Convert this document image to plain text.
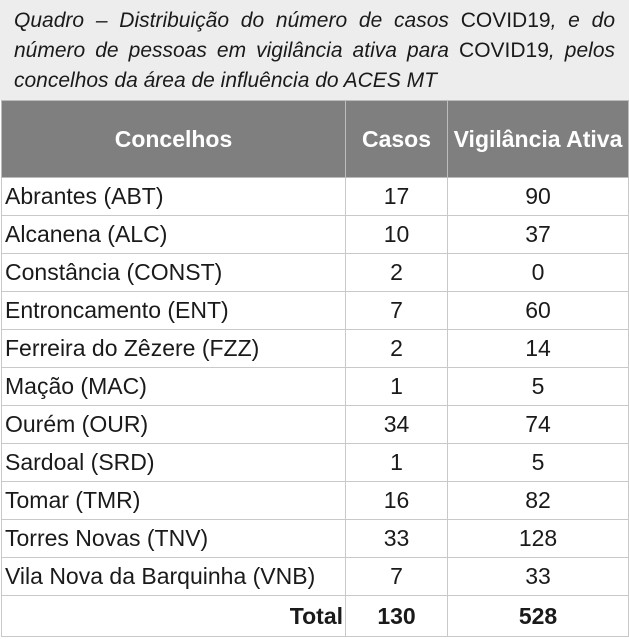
Quadro – Distribuição do número de casos COVID19, e do número de pessoas em vigilância ativa para COVID19, pelos concelhos da área de influência do ACES MT
Concelhos	Casos	Vigilância Ativa
Abrantes (ABT)	17	90
Alcanena (ALC)	10	37
Constância (CONST)	2	0
Entroncamento (ENT)	7	60
Ferreira do Zêzere (FZZ)	2	14
Mação (MAC)	1	5
Ourém (OUR)	34	74
Sardoal (SRD)	1	5
Tomar (TMR)	16	82
Torres Novas (TNV)	33	128
Vila Nova da Barquinha (VNB)	7	33
Total	130	528
